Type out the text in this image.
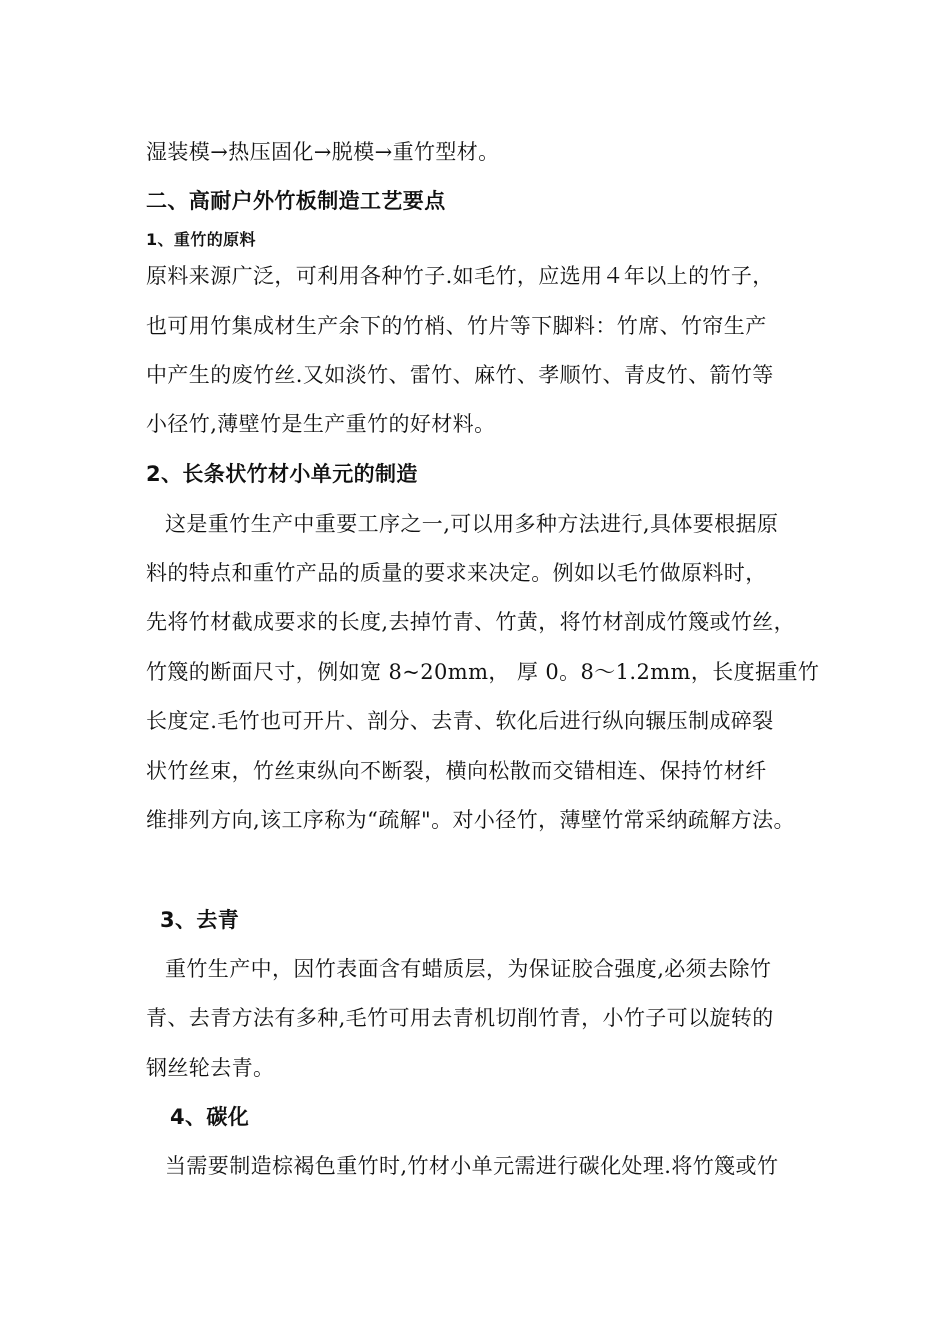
湿装模→热压固化→脱模→重竹型材。
二、高耐户外竹板制造工艺要点
1、重竹的原料
原料来源广泛，可利用各种竹子.如毛竹，应选用４年以上的竹子，
也可用竹集成材生产余下的竹梢、竹片等下脚料：竹席、竹帘生产
中产生的废竹丝.又如淡竹、雷竹、麻竹、孝顺竹、青皮竹、箭竹等
小径竹,薄壁竹是生产重竹的好材料。
2、长条状竹材小单元的制造
这是重竹生产中重要工序之一,可以用多种方法进行,具体要根据原
料的特点和重竹产品的质量的要求来决定。例如以毛竹做原料时，
先将竹材截成要求的长度,去掉竹青、竹黄，将竹材剖成竹篾或竹丝，
竹篾的断面尺寸，例如宽 8~20mm， 厚 0。8～1.2mm，长度据重竹
长度定.毛竹也可开片、剖分、去青、软化后进行纵向辗压制成碎裂
状竹丝束，竹丝束纵向不断裂，横向松散而交错相连、保持竹材纤
维排列方向,该工序称为“疏解"。对小径竹，薄壁竹常采纳疏解方法。
3、去青
重竹生产中，因竹表面含有蜡质层，为保证胶合强度,必须去除竹
青、去青方法有多种,毛竹可用去青机切削竹青，小竹子可以旋转的
钢丝轮去青。
4、碳化
当需要制造棕褐色重竹时,竹材小单元需进行碳化处理.将竹篾或竹
